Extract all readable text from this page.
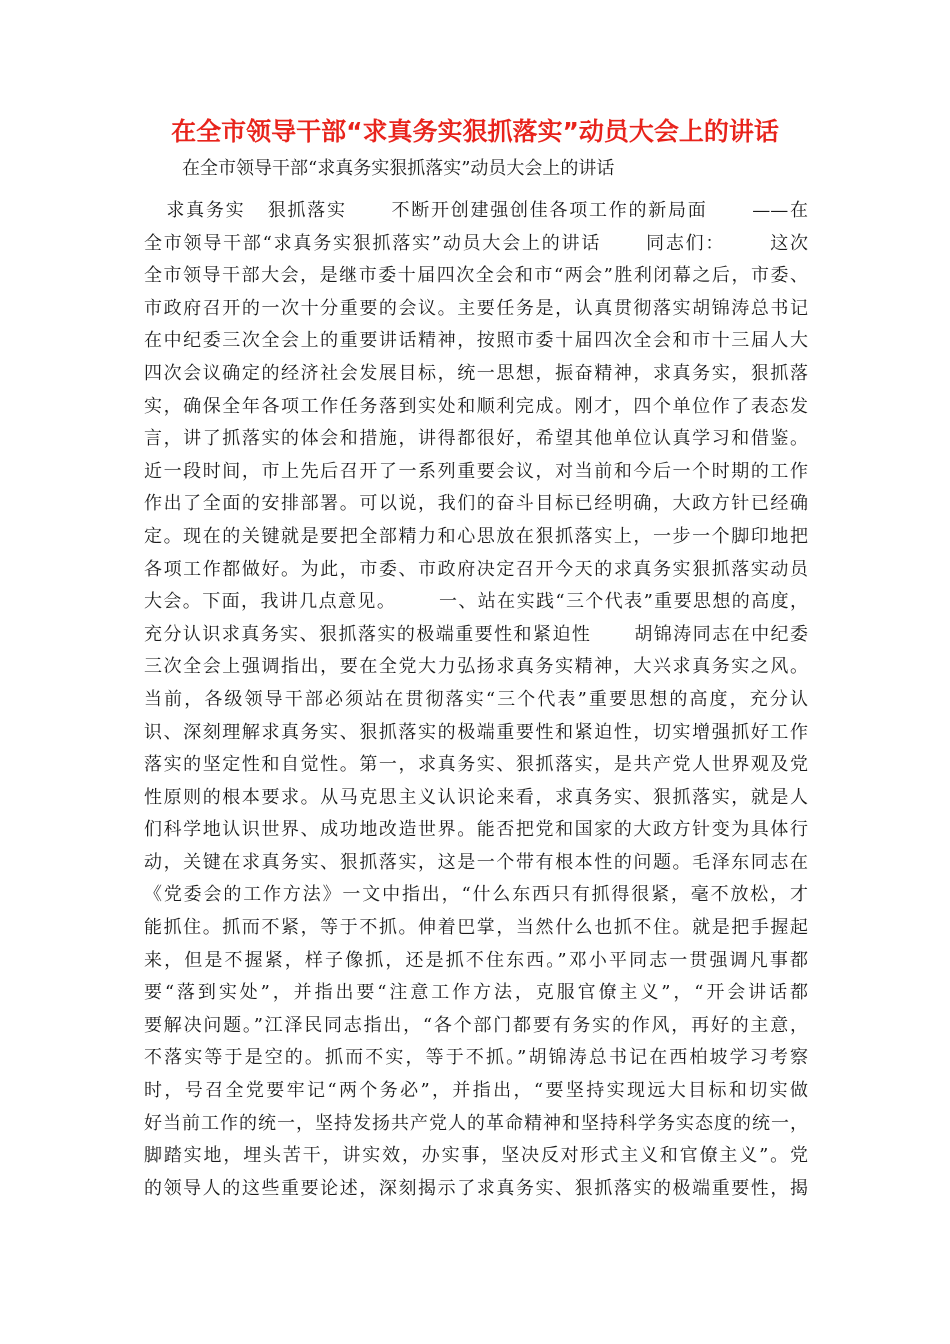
在全市领导干部“求真务实狠抓落实”动员大会上的讲话

在全市领导干部“求真务实狠抓落实”动员大会上的讲话

求真务实   狠抓落实      不断开创建强创佳各项工作的新局面      ——在
全市领导干部“求真务实狠抓落实”动员大会上的讲话      同志们：      这次
全市领导干部大会，是继市委十届四次全会和市“两会”胜利闭幕之后，市委、
市政府召开的一次十分重要的会议。主要任务是，认真贯彻落实胡锦涛总书记
在中纪委三次全会上的重要讲话精神，按照市委十届四次全会和市十三届人大
四次会议确定的经济社会发展目标，统一思想，振奋精神，求真务实，狠抓落
实，确保全年各项工作任务落到实处和顺利完成。刚才，四个单位作了表态发
言，讲了抓落实的体会和措施，讲得都很好，希望其他单位认真学习和借鉴。
近一段时间，市上先后召开了一系列重要会议，对当前和今后一个时期的工作
作出了全面的安排部署。可以说，我们的奋斗目标已经明确，大政方针已经确
定。现在的关键就是要把全部精力和心思放在狠抓落实上，一步一个脚印地把
各项工作都做好。为此，市委、市政府决定召开今天的求真务实狠抓落实动员
大会。下面，我讲几点意见。      一、站在实践“三个代表”重要思想的高度，
充分认识求真务实、狠抓落实的极端重要性和紧迫性      胡锦涛同志在中纪委
三次全会上强调指出，要在全党大力弘扬求真务实精神，大兴求真务实之风。
当前，各级领导干部必须站在贯彻落实“三个代表”重要思想的高度，充分认
识、深刻理解求真务实、狠抓落实的极端重要性和紧迫性，切实增强抓好工作
落实的坚定性和自觉性。第一，求真务实、狠抓落实，是共产党人世界观及党
性原则的根本要求。从马克思主义认识论来看，求真务实、狠抓落实，就是人
们科学地认识世界、成功地改造世界。能否把党和国家的大政方针变为具体行
动，关键在求真务实、狠抓落实，这是一个带有根本性的问题。毛泽东同志在
《党委会的工作方法》一文中指出，“什么东西只有抓得很紧，毫不放松，才
能抓住。抓而不紧，等于不抓。伸着巴掌，当然什么也抓不住。就是把手握起
来，但是不握紧，样子像抓，还是抓不住东西。”邓小平同志一贯强调凡事都
要“落到实处”，并指出要“注意工作方法，克服官僚主义”，“开会讲话都
要解决问题。”江泽民同志指出，“各个部门都要有务实的作风，再好的主意，
不落实等于是空的。抓而不实，等于不抓。”胡锦涛总书记在西柏坡学习考察
时，号召全党要牢记“两个务必”，并指出，“要坚持实现远大目标和切实做
好当前工作的统一，坚持发扬共产党人的革命精神和坚持科学务实态度的统一，
脚踏实地，埋头苦干，讲实效，办实事，坚决反对形式主义和官僚主义”。党
的领导人的这些重要论述，深刻揭示了求真务实、狠抓落实的极端重要性，揭
